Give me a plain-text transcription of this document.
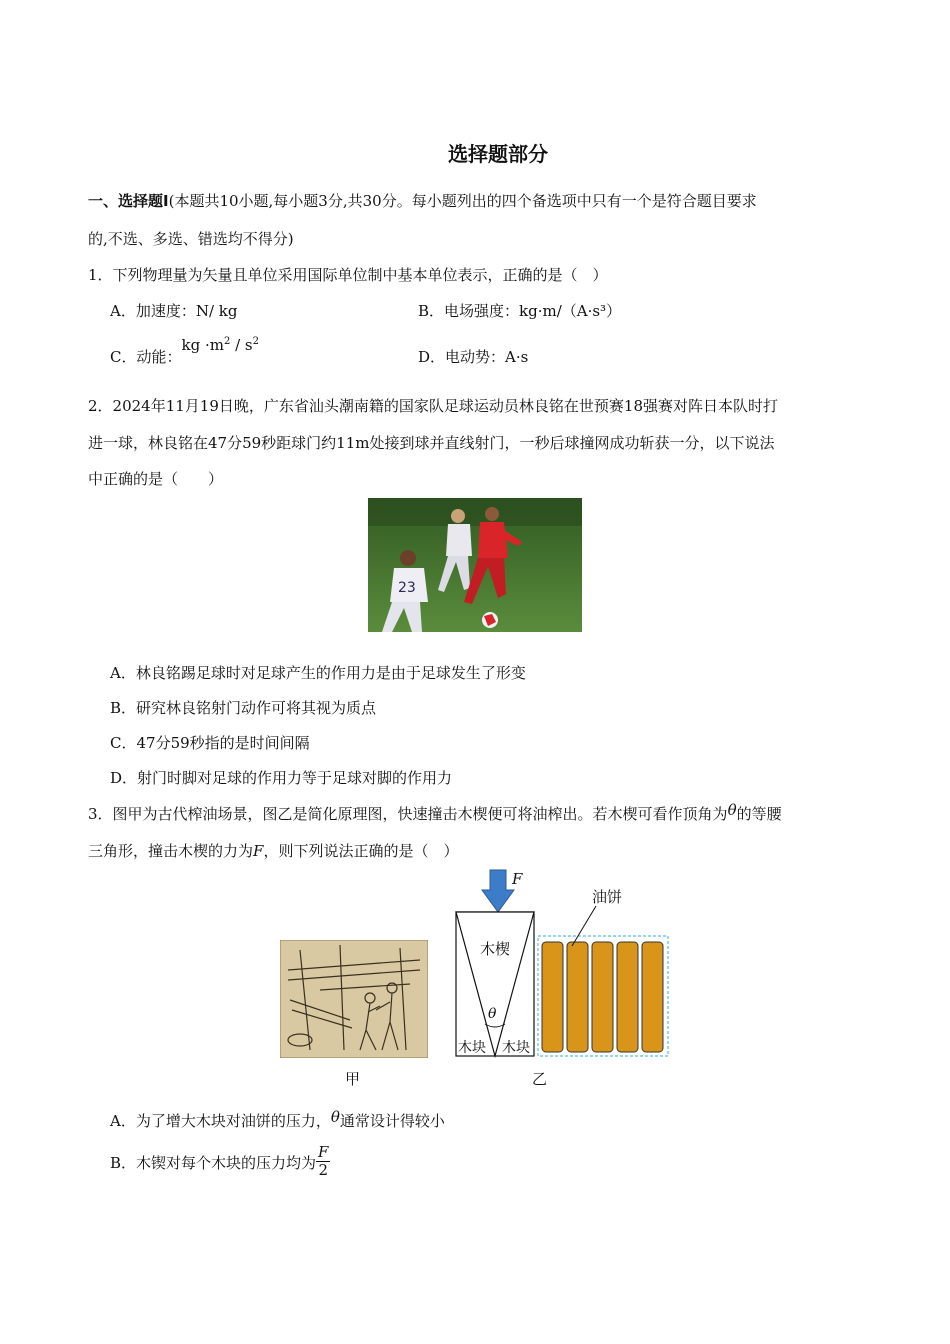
选择题部分
一、选择题Ⅰ(本题共10小题,每小题3分,共30分。每小题列出的四个备选项中只有一个是符合题目要求
的,不选、多选、错选均不得分)
1．下列物理量为矢量且单位采用国际单位制中基本单位表示，正确的是（　）
A．加速度：N/ kg	B．电场强度：kg·m/（A·s³）
C．动能：kg $\cdot m^2 / s^2$
D．电动势：A·s
2．2024年11月19日晚，广东省汕头潮南籍的国家队足球运动员林良铭在世预赛18强赛对阵日本队时打
进一球，林良铭在47分59秒距球门约11m处接到球并直线射门，一秒后球撞网成功斩获一分，以下说法
中正确的是（　　）
23
A．林良铭踢足球时对足球产生的作用力是由于足球发生了形变
B．研究林良铭射门动作可将其视为质点
C．47分59秒指的是时间间隔
D．射门时脚对足球的作用力等于足球对脚的作用力
3．图甲为古代榨油场景，图乙是简化原理图，快速撞击木楔便可将油榨出。若木楔可看作顶角为θ的等腰
三角形，撞击木楔的力为F，则下列说法正确的是（　）
甲
F
θ
木楔
木块 木块
油饼
乙
A．为了增大木块对油饼的压力，θ通常设计得较小
B．木锲对每个木块的压力均为 $\frac{F}{2}$
